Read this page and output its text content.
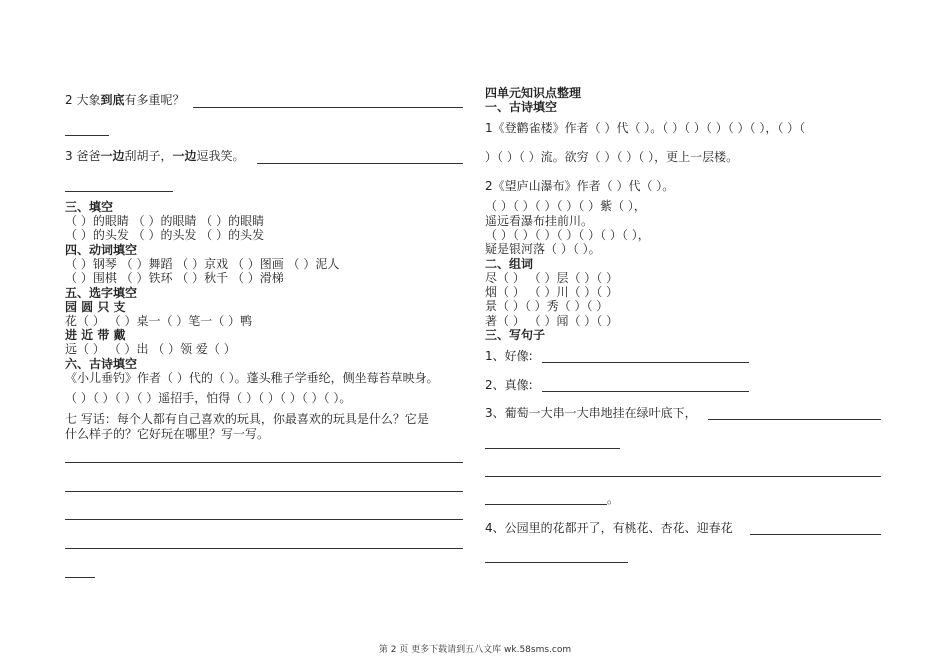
2 大象到底有多重呢？
3 爸爸一边刮胡子，一边逗我笑。
三、填空
（ ）的眼睛 （ ）的眼睛 （ ）的眼睛
（ ）的头发 （ ）的头发 （ ）的头发
四、动词填空
（ ）钢琴 （ ）舞蹈 （ ）京戏 （ ）图画 （ ）泥人
（ ）围棋 （ ）铁环 （ ）秋千 （ ）滑梯
五、选字填空
园 圆 只 支
花（ ） （ ）桌一（ ）笔一（ ）鸭
进 近 带 戴
远（ ） （ ）出 （ ）领 爱（ ）
六、古诗填空
《小儿垂钓》作者（ ）代的（ ）。蓬头稚子学垂纶，侧坐莓苔草映身。
（ ）（ ）（ ）（ ）遥招手，怕得（ ）（ ）（ ）（ ）（ ）。
七 写话：每个人都有自己喜欢的玩具，你最喜欢的玩具是什么？它是
什么样子的？它好玩在哪里？写一写。
四单元知识点整理
一、古诗填空
1《登鹳雀楼》作者（ ）代（ ）。（ ）（ ）（ ）（ ）（ ），（ ）（
）（ ）（ ）流。欲穷（ ）（ ）（ ），更上一层楼。
2《望庐山瀑布》作者（ ）代（ ）。
（ ）（ ）（ ）（ ）（ ）紫（ ），
遥远看瀑布挂前川。
（ ）（ ）（ ）（ ）（ ）（ ）（ ），
疑是银河落（ ）（ ）。
二、组词
尽（ ） （ ）层（ ）（ ）
烟（ ） （ ）川（ ）（ ）
景（ ）（ ）秀（ ）（ ）
著（ ） （ ）闻（ ）（ ）
三、写句子
1、好像:
2、真像:
3、葡萄一大串一大串地挂在绿叶底下，
。
4、公园里的花都开了，有桃花、杏花、迎春花
第 2 页 更多下载请到五八文库 wk.58sms.com
